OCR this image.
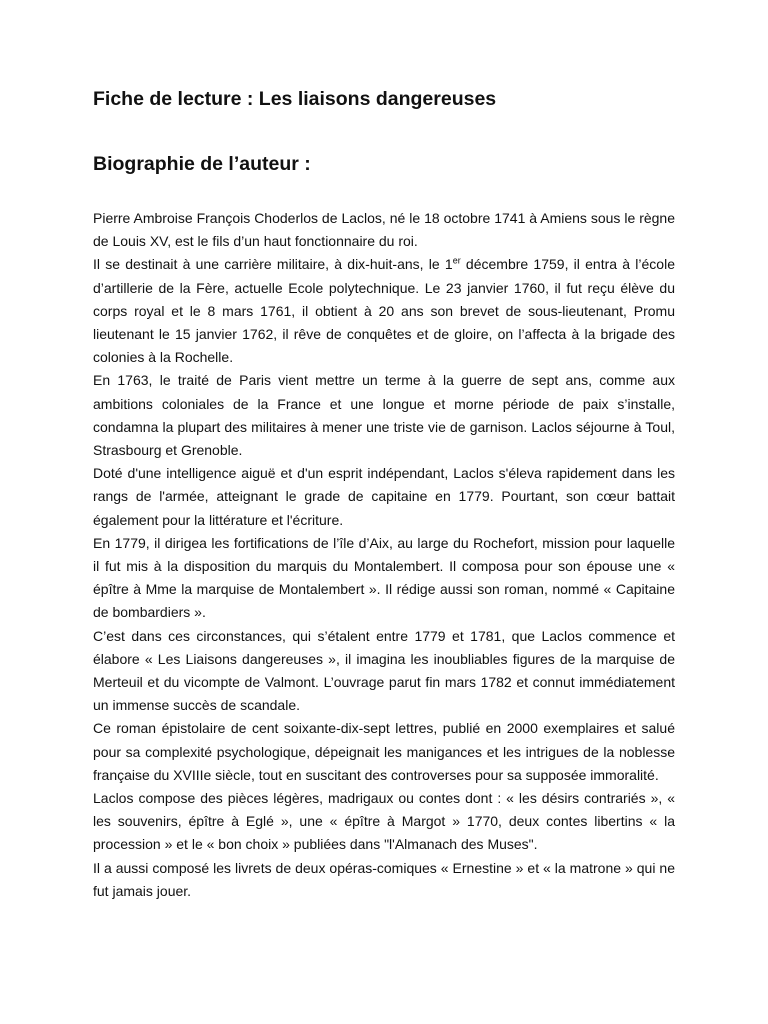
Fiche de lecture : Les liaisons dangereuses
Biographie de l’auteur :

Pierre Ambroise François Choderlos de Laclos, né le 18 octobre 1741 à Amiens sous le règne de Louis XV, est le fils d’un haut fonctionnaire du roi.

Il se destinait à une carrière militaire, à dix-huit-ans, le 1er décembre 1759, il entra à l’école d’artillerie de la Fère, actuelle Ecole polytechnique. Le 23 janvier 1760, il fut reçu élève du corps royal et le 8 mars 1761, il obtient à 20 ans son brevet de sous-lieutenant, Promu lieutenant le 15 janvier 1762, il rêve de conquêtes et de gloire, on l’affecta à la brigade des colonies à la Rochelle.

En 1763, le traité de Paris vient mettre un terme à la guerre de sept ans, comme aux ambitions coloniales de la France et une longue et morne période de paix s’installe, condamna la plupart des militaires à mener une triste vie de garnison. Laclos séjourne à Toul, Strasbourg et Grenoble.

Doté d'une intelligence aiguë et d'un esprit indépendant, Laclos s'éleva rapidement dans les rangs de l'armée, atteignant le grade de capitaine en 1779. Pourtant, son cœur battait également pour la littérature et l'écriture.

En 1779, il dirigea les fortifications de l’île d’Aix, au large du Rochefort, mission pour laquelle il fut mis à la disposition du marquis du Montalembert. Il composa pour son épouse une « épître à Mme la marquise de Montalembert ». Il rédige aussi son roman, nommé « Capitaine de bombardiers ».

C’est dans ces circonstances, qui s’étalent entre 1779 et 1781, que Laclos commence et élabore « Les Liaisons dangereuses », il imagina les inoubliables figures de la marquise de Merteuil et du vicompte de Valmont. L’ouvrage parut fin mars 1782 et connut immédiatement un immense succès de scandale.

Ce roman épistolaire de cent soixante-dix-sept lettres, publié en 2000 exemplaires et salué pour sa complexité psychologique, dépeignait les manigances et les intrigues de la noblesse française du XVIIIe siècle, tout en suscitant des controverses pour sa supposée immoralité.

Laclos compose des pièces légères, madrigaux ou contes dont : « les désirs contrariés », « les souvenirs, épître à Eglé », une « épître à Margot » 1770, deux contes libertins « la procession » et le « bon choix » publiées dans "l'Almanach des Muses".

Il a aussi composé les livrets de deux opéras-comiques « Ernestine » et « la matrone » qui ne fut jamais jouer.
